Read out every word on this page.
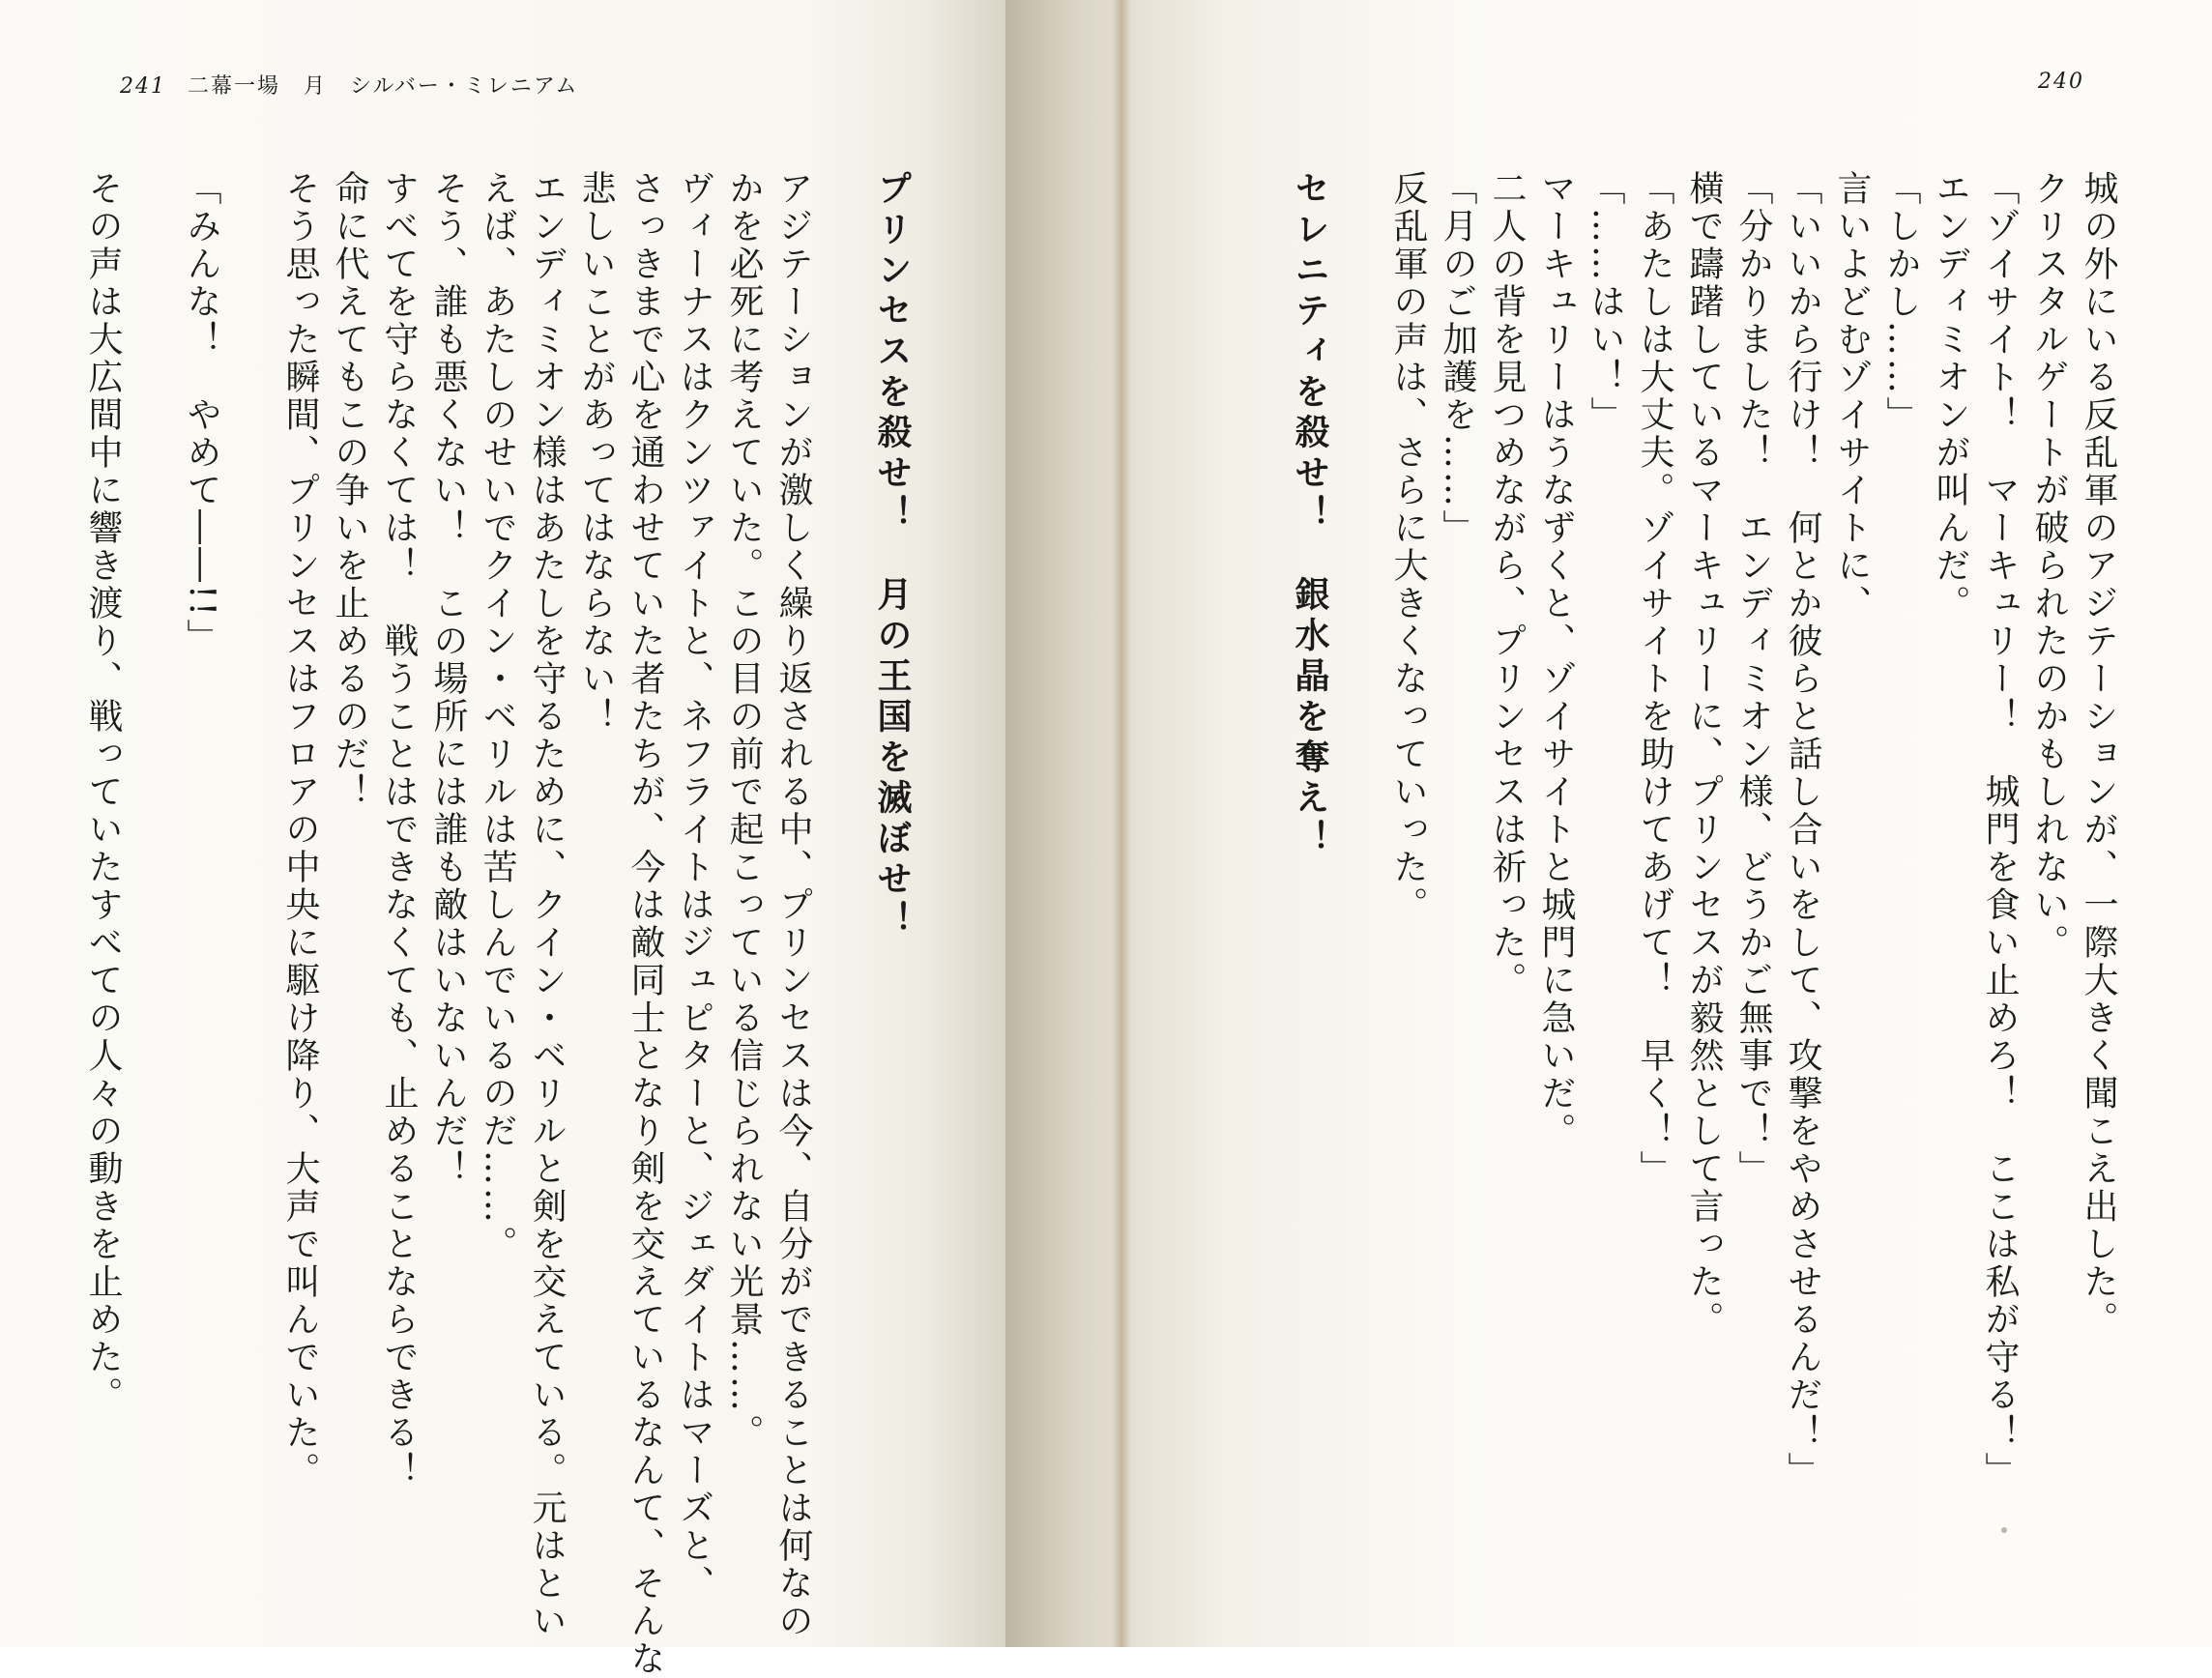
241 二幕一場　月　シルバー・ミレニアム	240

城の外にいる反乱軍のアジテーションが、一際大きく聞こえ出した。

クリスタルゲートが破られたのかもしれない。

「ゾイサイト！　マーキュリー！　城門を食い止めろ！　ここは私が守る！」

エンディミオンが叫んだ。

「しかし……」

言いよどむゾイサイトに、

「いいから行け！　何とか彼らと話し合いをして、攻撃をやめさせるんだ！」

「分かりました！　エンディミオン様、どうかご無事で！」

横で躊躇しているマーキュリーに、プリンセスが毅然として言った。

「あたしは大丈夫。ゾイサイトを助けてあげて！　早く！」

「……はい！」

マーキュリーはうなずくと、ゾイサイトと城門に急いだ。

二人の背を見つめながら、プリンセスは祈った。

「月のご加護を……」

反乱軍の声は、さらに大きくなっていった。

セレニティを殺せ！　銀水晶を奪え！

プリンセスを殺せ！　月の王国を滅ぼせ！

アジテーションが激しく繰り返される中、プリンセスは今、自分ができることは何なの

かを必死に考えていた。この目の前で起こっている信じられない光景……。

ヴィーナスはクンツァイトと、ネフライトはジュピターと、ジェダイトはマーズと、

さっきまで心を通わせていた者たちが、今は敵同士となり剣を交えているなんて、そんな

悲しいことがあってはならない！

エンディミオン様はあたしを守るために、クイン・ベリルと剣を交えている。元はとい

えば、あたしのせいでクイン・ベリルは苦しんでいるのだ……。

そう、誰も悪くない！　この場所には誰も敵はいないんだ！

すべてを守らなくては！　戦うことはできなくても、止めることならできる！

命に代えてもこの争いを止めるのだ！

そう思った瞬間、プリンセスはフロアの中央に駆け降り、大声で叫んでいた。

「みんな！　やめて――!!」

その声は大広間中に響き渡り、戦っていたすべての人々の動きを止めた。
